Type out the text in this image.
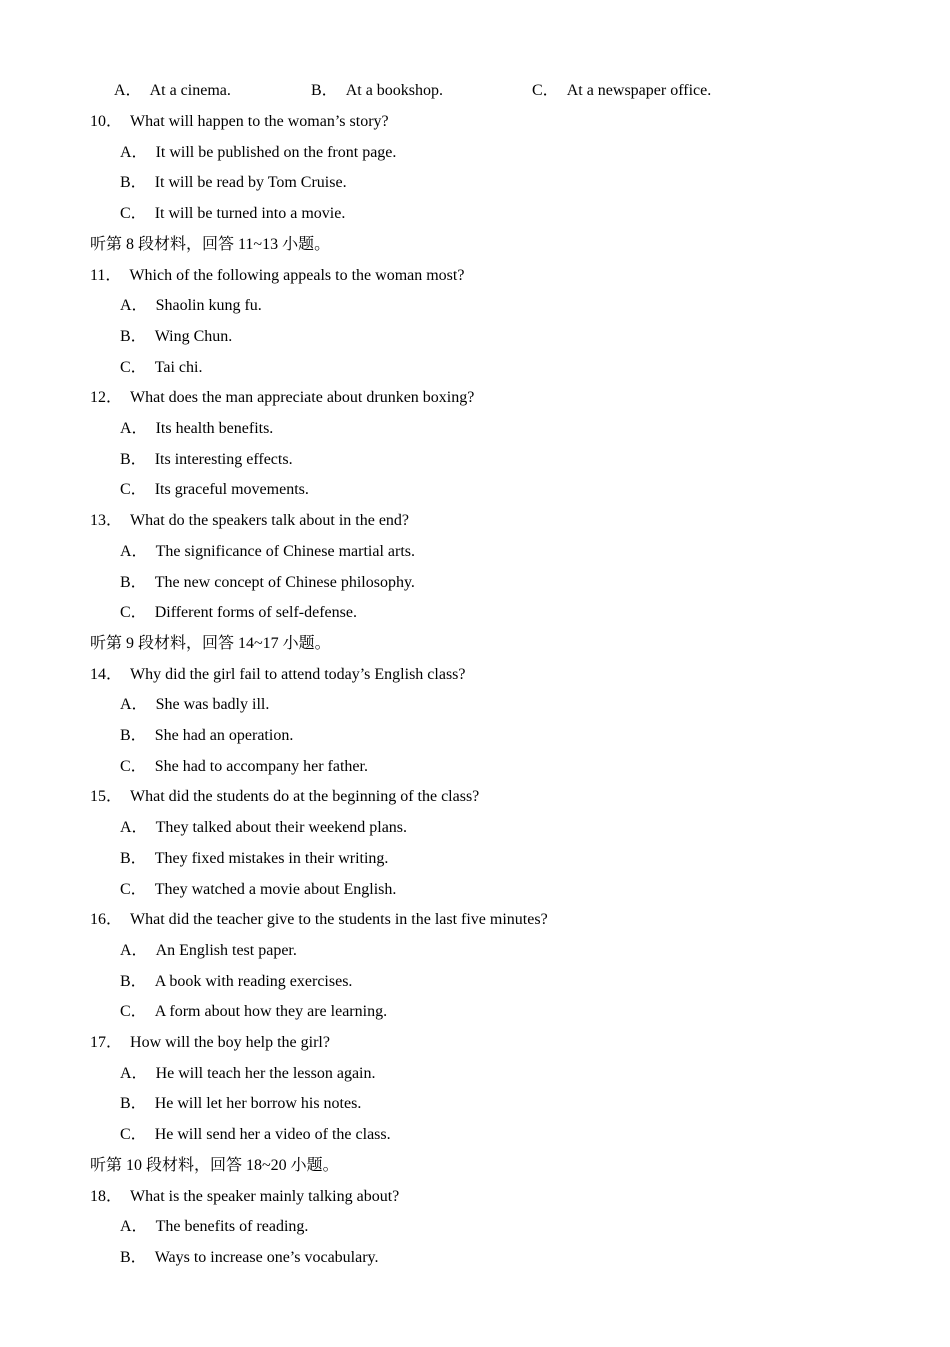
A． At a cinema.	B． At a bookshop.	C． At a newspaper office.
10． What will happen to the woman’s story?
A． It will be published on the front page.
B． It will be read by Tom Cruise.
C． It will be turned into a movie.
听第 8 段材料，回答 11~13 小题。
11． Which of the following appeals to the woman most?
A． Shaolin kung fu.
B． Wing Chun.
C． Tai chi.
12． What does the man appreciate about drunken boxing?
A． Its health benefits.
B． Its interesting effects.
C． Its graceful movements.
13． What do the speakers talk about in the end?
A． The significance of Chinese martial arts.
B． The new concept of Chinese philosophy.
C． Different forms of self-defense.
听第 9 段材料，回答 14~17 小题。
14． Why did the girl fail to attend today’s English class?
A． She was badly ill.
B． She had an operation.
C． She had to accompany her father.
15． What did the students do at the beginning of the class?
A． They talked about their weekend plans.
B． They fixed mistakes in their writing.
C． They watched a movie about English.
16． What did the teacher give to the students in the last five minutes?
A． An English test paper.
B． A book with reading exercises.
C． A form about how they are learning.
17． How will the boy help the girl?
A． He will teach her the lesson again.
B． He will let her borrow his notes.
C． He will send her a video of the class.
听第 10 段材料，回答 18~20 小题。
18． What is the speaker mainly talking about?
A． The benefits of reading.
B． Ways to increase one’s vocabulary.
